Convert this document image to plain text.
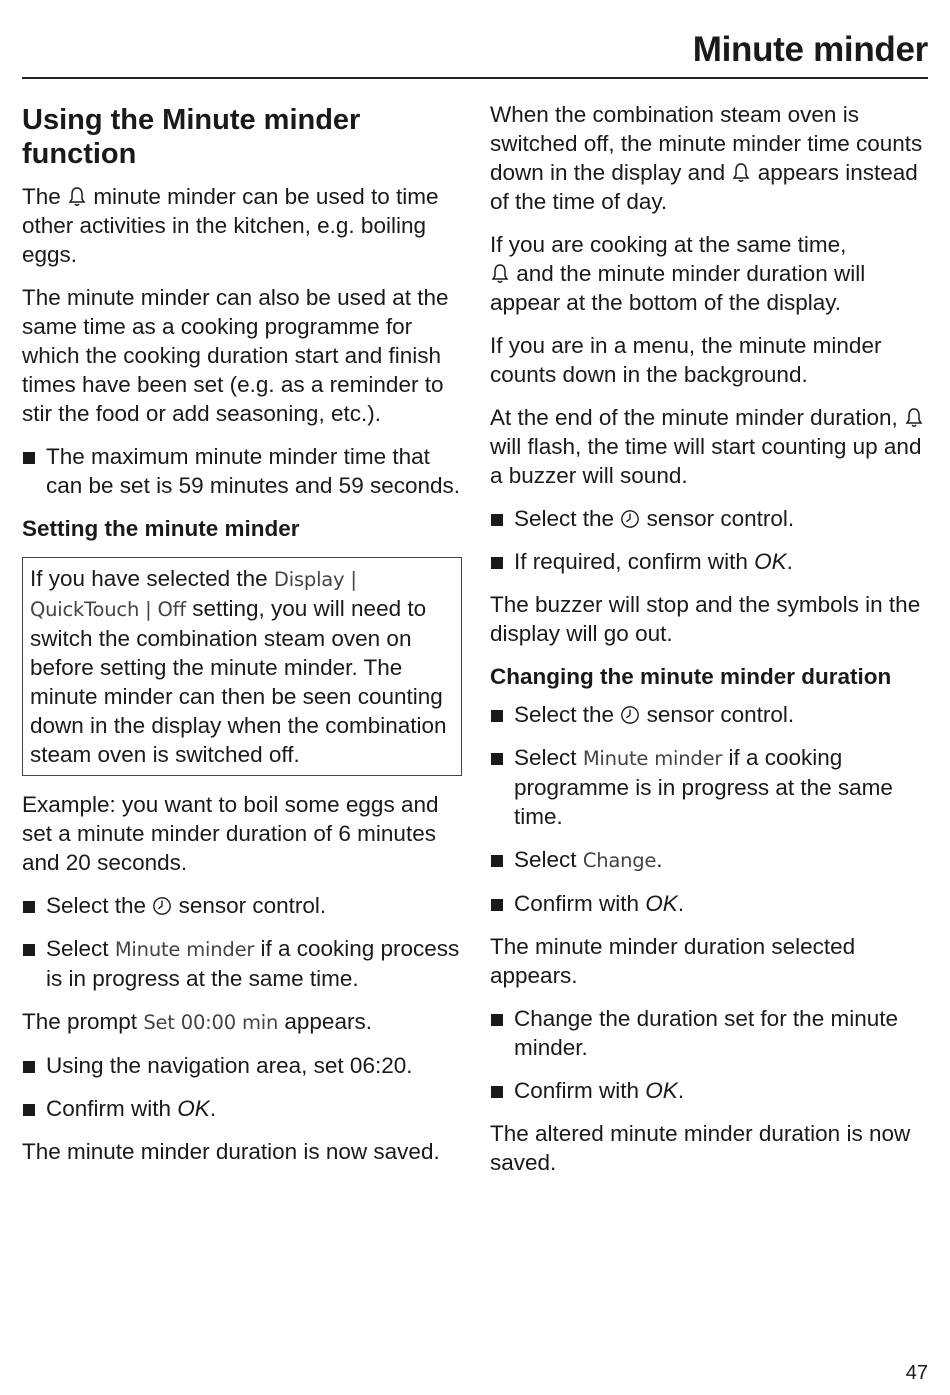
Minute minder
Using the Minute minder function

The minute minder can be used to time other activities in the kitchen, e.g. boiling eggs.

The minute minder can also be used at the same time as a cooking programme for which the cooking duration start and finish times have been set (e.g. as a reminder to stir the food or add seasoning, etc.).

The maximum minute minder time that can be set is 59 minutes and 59 seconds.
Setting the minute minder
If you have selected the Display | QuickTouch | Off setting, you will need to switch the combination steam oven on before setting the minute minder. The minute minder can then be seen counting down in the display when the combination steam oven is switched off.

Example: you want to boil some eggs and set a minute minder duration of 6 minutes and 20 seconds.

Select the sensor control.
Select Minute minder if a cooking process is in progress at the same time.

The prompt Set 00:00 min appears.

Using the navigation area, set 06:20.
Confirm with OK.

The minute minder duration is now saved.

When the combination steam oven is switched off, the minute minder time counts down in the display and appears instead of the time of day.

If you are cooking at the same time,
and the minute minder duration will appear at the bottom of the display.

If you are in a menu, the minute minder counts down in the background.

At the end of the minute minder duration,  will flash, the time will start counting up and a buzzer will sound.

Select the sensor control.
If required, confirm with OK.

The buzzer will stop and the symbols in the display will go out.

Changing the minute minder duration
Select the sensor control.
Select Minute minder if a cooking programme is in progress at the same time.
Select Change.
Confirm with OK.

The minute minder duration selected appears.

Change the duration set for the minute minder.
Confirm with OK.

The altered minute minder duration is now saved.

47
